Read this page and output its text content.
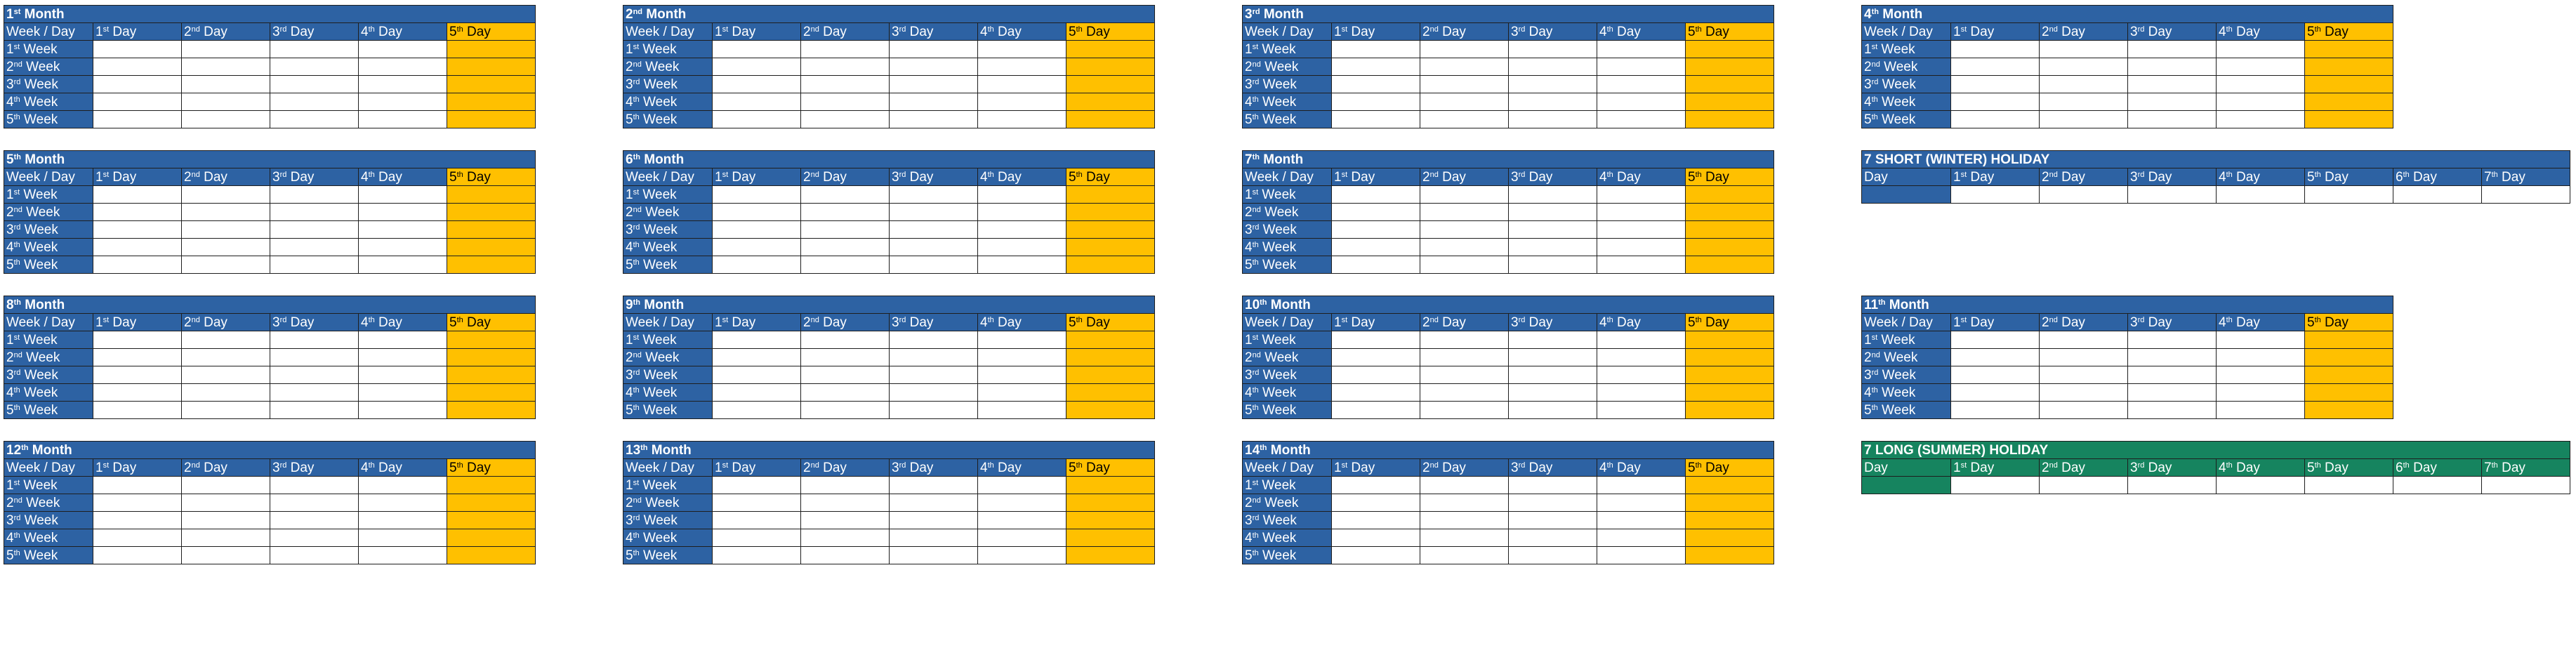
1st Month					
Week / Day	1st Day	2nd Day	3rd Day	4th Day	5th Day
1st Week					
2nd Week					
3rd Week					
4th Week					
5th Week					
2nd Month					
Week / Day	1st Day	2nd Day	3rd Day	4th Day	5th Day
1st Week					
2nd Week					
3rd Week					
4th Week					
5th Week					
3rd Month					
Week / Day	1st Day	2nd Day	3rd Day	4th Day	5th Day
1st Week					
2nd Week					
3rd Week					
4th Week					
5th Week					
4th Month					
Week / Day	1st Day	2nd Day	3rd Day	4th Day	5th Day
1st Week					
2nd Week					
3rd Week					
4th Week					
5th Week					
5th Month					
Week / Day	1st Day	2nd Day	3rd Day	4th Day	5th Day
1st Week					
2nd Week					
3rd Week					
4th Week					
5th Week					
6th Month					
Week / Day	1st Day	2nd Day	3rd Day	4th Day	5th Day
1st Week					
2nd Week					
3rd Week					
4th Week					
5th Week					
7th Month					
Week / Day	1st Day	2nd Day	3rd Day	4th Day	5th Day
1st Week					
2nd Week					
3rd Week					
4th Week					
5th Week					
8th Month					
Week / Day	1st Day	2nd Day	3rd Day	4th Day	5th Day
1st Week					
2nd Week					
3rd Week					
4th Week					
5th Week					
9th Month					
Week / Day	1st Day	2nd Day	3rd Day	4th Day	5th Day
1st Week					
2nd Week					
3rd Week					
4th Week					
5th Week					
10th Month					
Week / Day	1st Day	2nd Day	3rd Day	4th Day	5th Day
1st Week					
2nd Week					
3rd Week					
4th Week					
5th Week					
11th Month					
Week / Day	1st Day	2nd Day	3rd Day	4th Day	5th Day
1st Week					
2nd Week					
3rd Week					
4th Week					
5th Week					
12th Month					
Week / Day	1st Day	2nd Day	3rd Day	4th Day	5th Day
1st Week					
2nd Week					
3rd Week					
4th Week					
5th Week					
13th Month					
Week / Day	1st Day	2nd Day	3rd Day	4th Day	5th Day
1st Week					
2nd Week					
3rd Week					
4th Week					
5th Week					
14th Month					
Week / Day	1st Day	2nd Day	3rd Day	4th Day	5th Day
1st Week					
2nd Week					
3rd Week					
4th Week					
5th Week					
7 SHORT (WINTER) HOLIDAY							
Day	1st Day	2nd Day	3rd Day	4th Day	5th Day	6th Day	7th Day

7 LONG (SUMMER) HOLIDAY							
Day	1st Day	2nd Day	3rd Day	4th Day	5th Day	6th Day	7th Day
